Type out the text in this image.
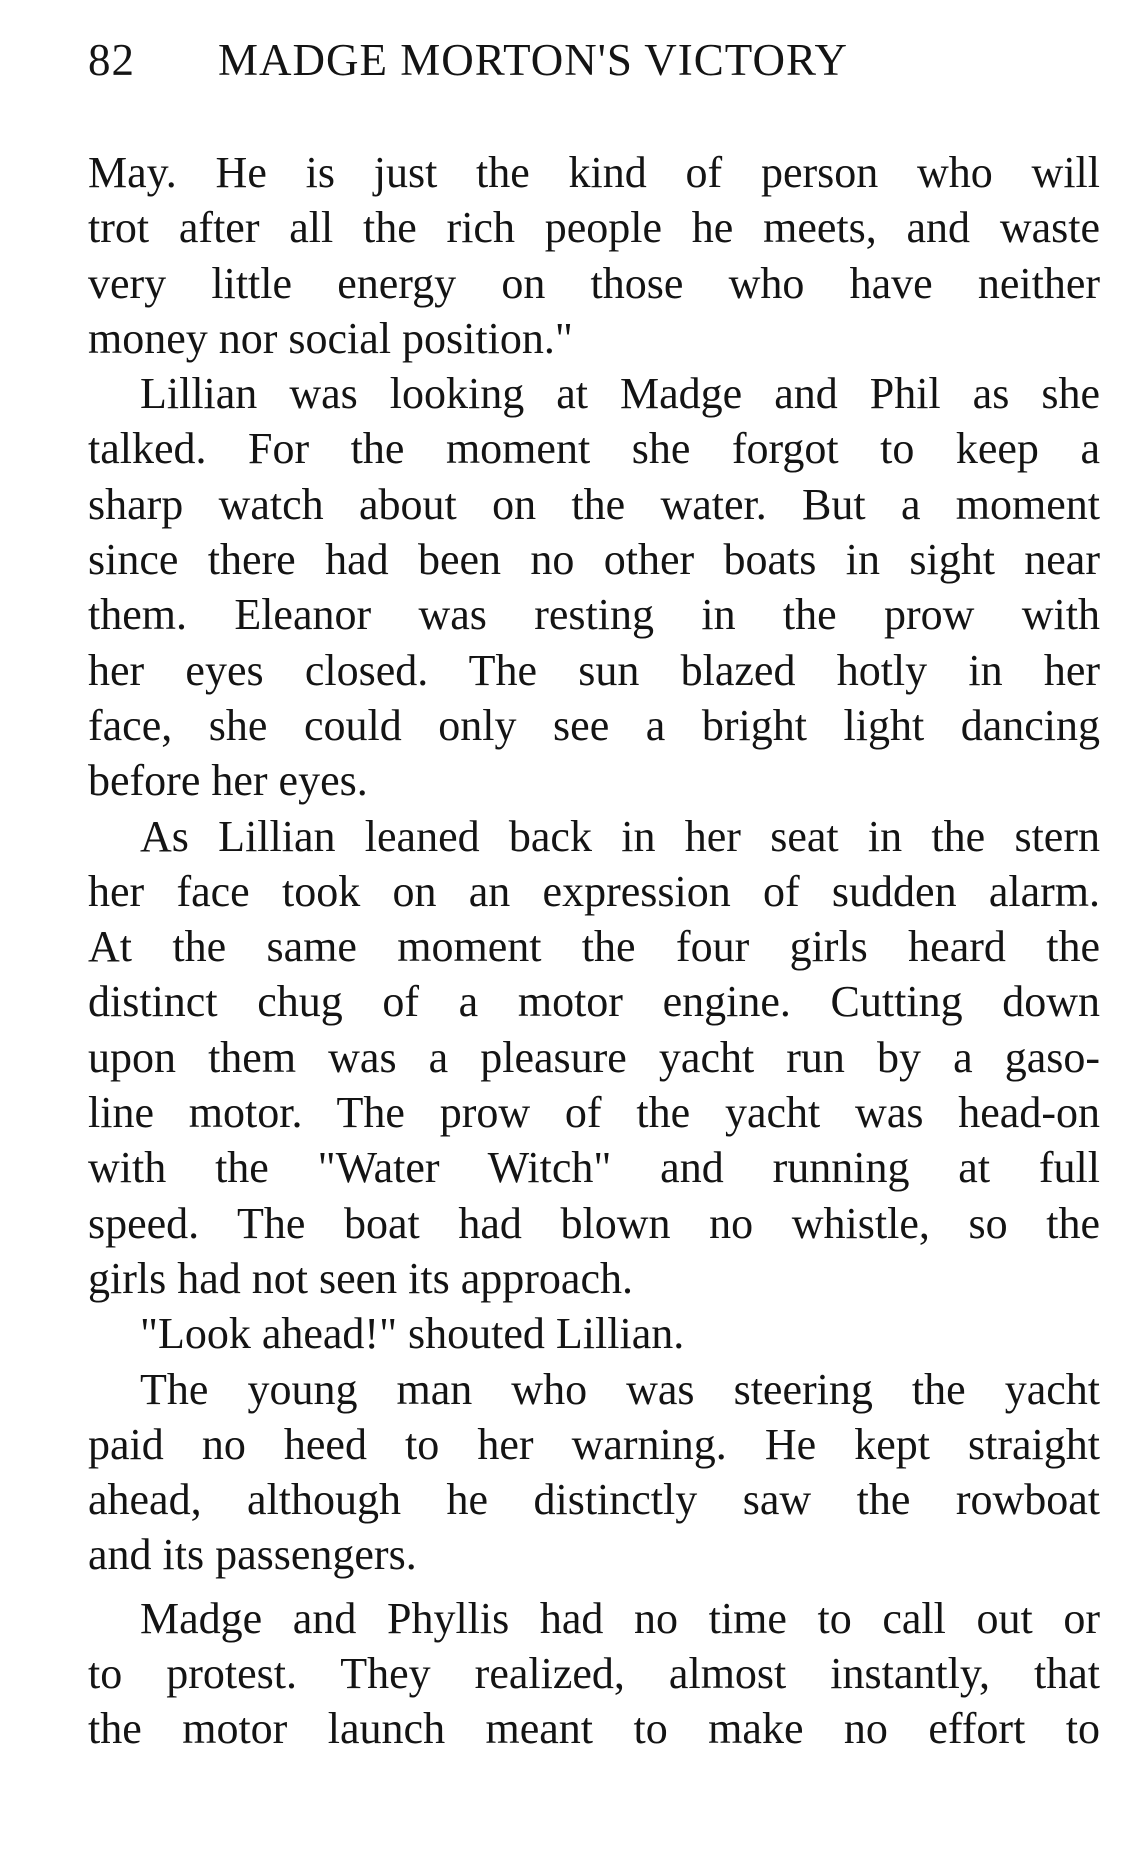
82 MADGE MORTON'S VICTORY
May. He is just the kind of person who will
trot after all the rich people he meets, and waste
very little energy on those who have neither
money nor social position."
Lillian was looking at Madge and Phil as she
talked. For the moment she forgot to keep a
sharp watch about on the water. But a moment
since there had been no other boats in sight near
them. Eleanor was resting in the prow with
her eyes closed. The sun blazed hotly in her
face, she could only see a bright light dancing
before her eyes.
As Lillian leaned back in her seat in the stern
her face took on an expression of sudden alarm.
At the same moment the four girls heard the
distinct chug of a motor engine. Cutting down
upon them was a pleasure yacht run by a gaso-
line motor. The prow of the yacht was head-on
with the "Water Witch" and running at full
speed. The boat had blown no whistle, so the
girls had not seen its approach.
"Look ahead!" shouted Lillian.
The young man who was steering the yacht
paid no heed to her warning. He kept straight
ahead, although he distinctly saw the rowboat
and its passengers.
Madge and Phyllis had no time to call out or
to protest. They realized, almost instantly, that
the motor launch meant to make no effort to
